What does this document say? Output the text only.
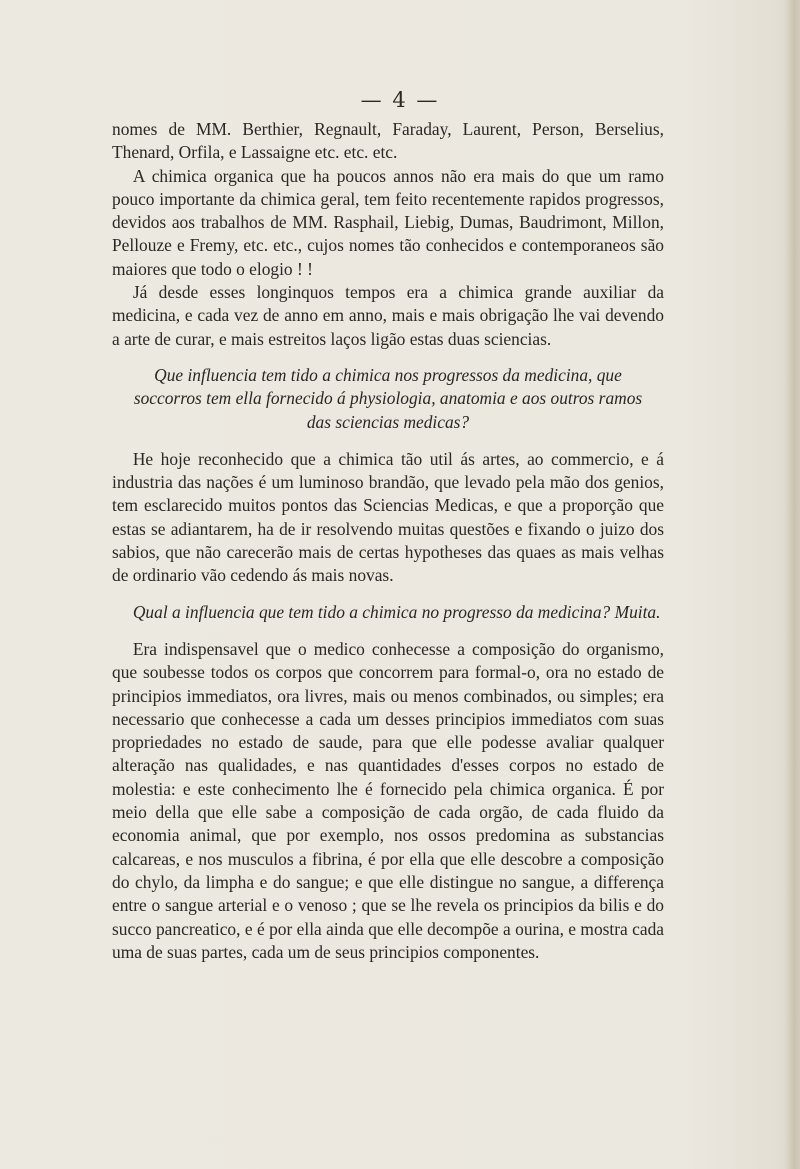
— 4 —

nomes de MM. Berthier, Regnault, Faraday, Laurent, Person, Berselius, Thenard, Orfila, e Lassaigne etc. etc. etc.

A chimica organica que ha poucos annos não era mais do que um ramo pouco importante da chimica geral, tem feito recentemente rapidos progressos, devidos aos trabalhos de MM. Rasphail, Liebig, Dumas, Baudrimont, Millon, Pellouze e Fremy, etc. etc., cujos nomes tão conhecidos e contemporaneos são maiores que todo o elogio ! !

Já desde esses longinquos tempos era a chimica grande auxiliar da medicina, e cada vez de anno em anno, mais e mais obrigação lhe vai devendo a arte de curar, e mais estreitos laços ligão estas duas sciencias.

Que influencia tem tido a chimica nos progressos da medicina, que soccorros tem ella fornecido á physiologia, anatomia e aos outros ramos das sciencias medicas?

He hoje reconhecido que a chimica tão util ás artes, ao commercio, e á industria das nações é um luminoso brandão, que levado pela mão dos genios, tem esclarecido muitos pontos das Sciencias Medicas, e que a proporção que estas se adiantarem, ha de ir resolvendo muitas questões e fixando o juizo dos sabios, que não carecerão mais de certas hypotheses das quaes as mais velhas de ordinario vão cedendo ás mais novas.

Qual a influencia que tem tido a chimica no progresso da medicina? Muita.

Era indispensavel que o medico conhecesse a composição do organismo, que soubesse todos os corpos que concorrem para formal-o, ora no estado de principios immediatos, ora livres, mais ou menos combinados, ou simples; era necessario que conhecesse a cada um desses principios immediatos com suas propriedades no estado de saude, para que elle podesse avaliar qualquer alteração nas qualidades, e nas quantidades d'esses corpos no estado de molestia: e este conhecimento lhe é fornecido pela chimica organica. É por meio della que elle sabe a composição de cada orgão, de cada fluido da economia animal, que por exemplo, nos ossos predomina as substancias calcareas, e nos musculos a fibrina, é por ella que elle descobre a composição do chylo, da limpha e do sangue; e que elle distingue no sangue, a differença entre o sangue arterial e o venoso ; que se lhe revela os principios da bilis e do succo pancreatico, e é por ella ainda que elle decompõe a ourina, e mostra cada uma de suas partes, cada um de seus principios componentes.
